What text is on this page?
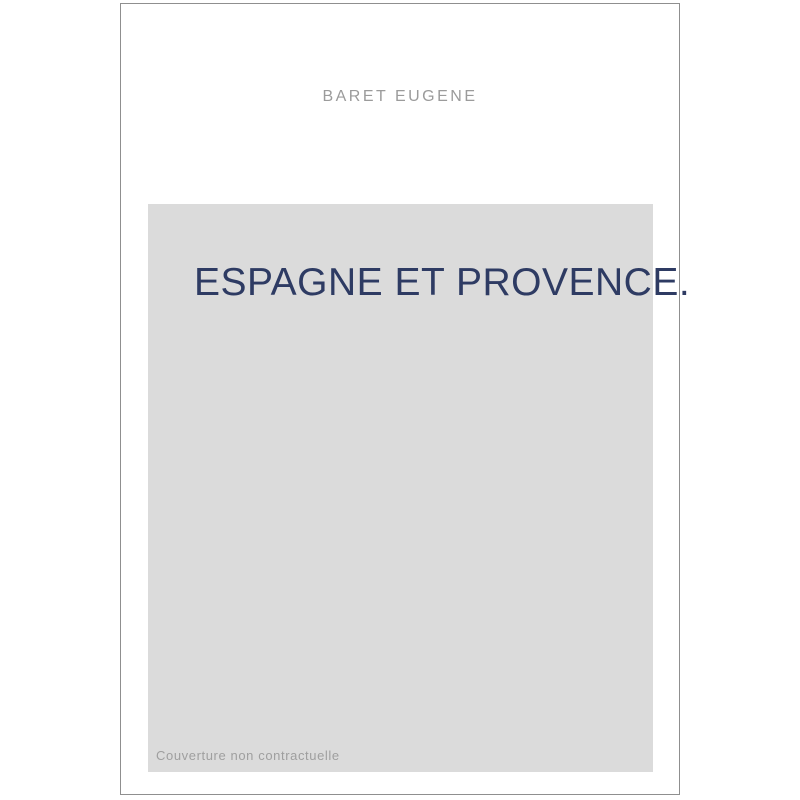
BARET EUGENE
ESPAGNE ET PROVENCE.
Couverture non contractuelle
